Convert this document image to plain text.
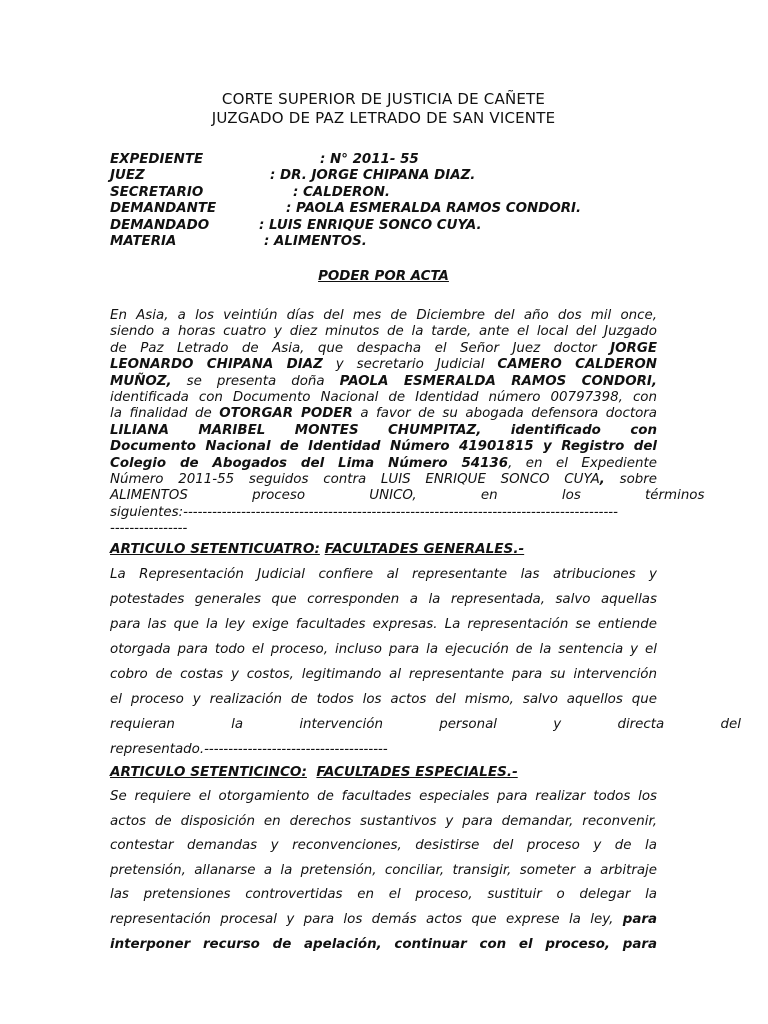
CORTE SUPERIOR DE JUSTICIA DE CAÑETE
JUZGADO DE PAZ LETRADO DE SAN VICENTE
EXPEDIENTE	: N° 2011- 55
JUEZ	: DR. JORGE CHIPANA DIAZ.
SECRETARIO	: CALDERON.
DEMANDANTE	: PAOLA ESMERALDA RAMOS CONDORI.
DEMANDADO	: LUIS ENRIQUE SONCO CUYA.
MATERIA	: ALIMENTOS.
PODER POR ACTA
En Asia, a los veintiún días del mes de Diciembre del año dos mil once,
siendo a horas cuatro y diez minutos de la tarde, ante el local del Juzgado
de Paz Letrado de Asia, que despacha el Señor Juez doctor JORGE
LEONARDO CHIPANA DIAZ y secretario Judicial CAMERO CALDERON
MUÑOZ, se presenta doña PAOLA ESMERALDA RAMOS CONDORI,
identificada con Documento Nacional de Identidad número 00797398, con
la finalidad de OTORGAR PODER a favor de su abogada defensora doctora
LILIANA MARIBEL MONTES CHUMPITAZ, identificado con
Documento Nacional de Identidad Número 41901815 y Registro del
Colegio de Abogados del Lima Número 54136, en el Expediente
Número 2011-55 seguidos contra LUIS ENRIQUE SONCO CUYA, sobre
ALIMENTOS proceso UNICO, en los términos
siguientes:------------------------------------------------------------------------------------------
----------------
ARTICULO SETENTICUATRO: FACULTADES GENERALES.-
La Representación Judicial confiere al representante las atribuciones y
potestades generales que corresponden a la representada, salvo aquellas
para las que la ley exige facultades expresas. La representación se entiende
otorgada para todo el proceso, incluso para la ejecución de la sentencia y el
cobro de costas y costos, legitimando al representante para su intervención
el proceso y realización de todos los actos del mismo, salvo aquellos que
requieran la intervención personal y directa del
representado.--------------------------------------
ARTICULO SETENTICINCO: FACULTADES ESPECIALES.-
Se requiere el otorgamiento de facultades especiales para realizar todos los
actos de disposición en derechos sustantivos y para demandar, reconvenir,
contestar demandas y reconvenciones, desistirse del proceso y de la
pretensión, allanarse a la pretensión, conciliar, transigir, someter a arbitraje
las pretensiones controvertidas en el proceso, sustituir o delegar la
representación procesal y para los demás actos que exprese la ley, para
interponer recurso de apelación, continuar con el proceso, para
